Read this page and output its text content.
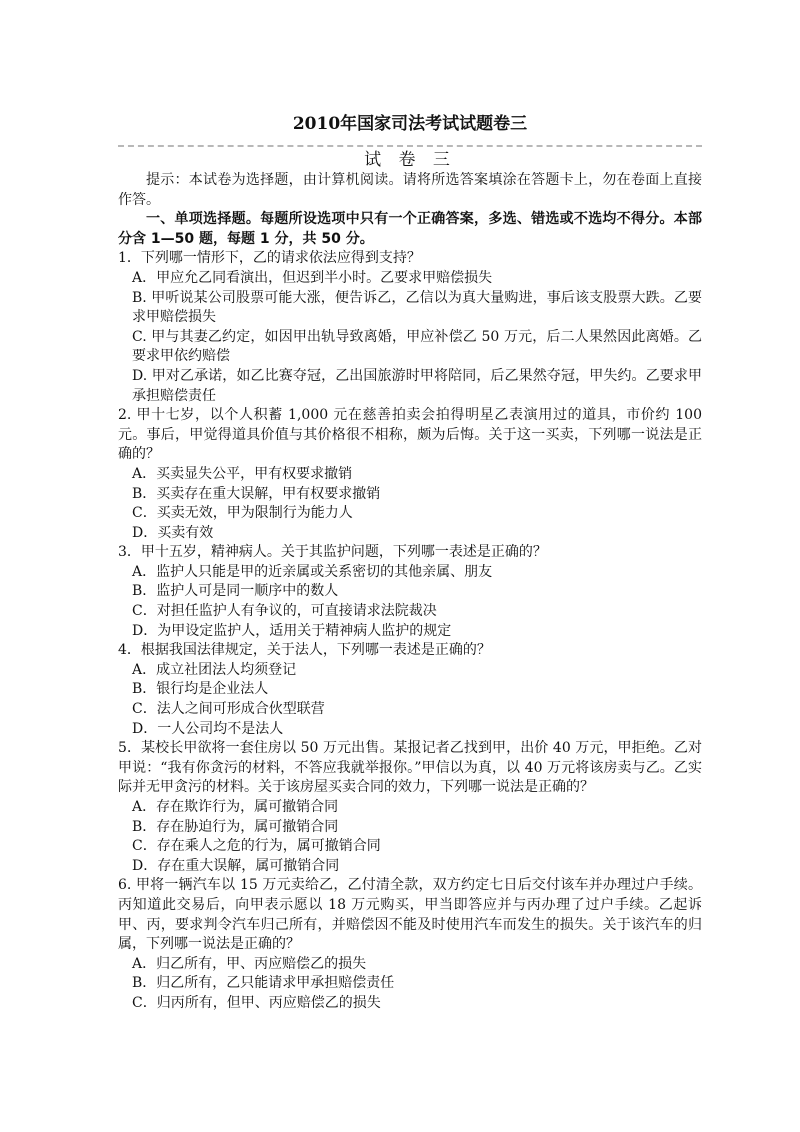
2010年国家司法考试试题卷三
试 卷 三

提示：本试卷为选择题，由计算机阅读。请将所选答案填涂在答题卡上，勿在卷面上直接作答。

一、单项选择题。每题所设选项中只有一个正确答案，多选、错选或不选均不得分。本部分含 1—50 题，每题 1 分，共 50 分。

1．下列哪一情形下，乙的请求依法应得到支持？

A．甲应允乙同看演出，但迟到半小时。乙要求甲赔偿损失

B. 甲听说某公司股票可能大涨，便告诉乙，乙信以为真大量购进，事后该支股票大跌。乙要求甲赔偿损失

C. 甲与其妻乙约定，如因甲出轨导致离婚，甲应补偿乙 50 万元，后二人果然因此离婚。乙要求甲依约赔偿

D. 甲对乙承诺，如乙比赛夺冠，乙出国旅游时甲将陪同，后乙果然夺冠，甲失约。乙要求甲承担赔偿责任

2. 甲十七岁，以个人积蓄 1,000 元在慈善拍卖会拍得明星乙表演用过的道具，市价约 100 元。事后，甲觉得道具价值与其价格很不相称，颇为后悔。关于这一买卖，下列哪一说法是正确的？

A．买卖显失公平，甲有权要求撤销

B．买卖存在重大误解，甲有权要求撤销

C．买卖无效，甲为限制行为能力人

D．买卖有效

3．甲十五岁，精神病人。关于其监护问题，下列哪一表述是正确的？

A．监护人只能是甲的近亲属或关系密切的其他亲属、朋友

B．监护人可是同一顺序中的数人

C．对担任监护人有争议的，可直接请求法院裁决

D．为甲设定监护人，适用关于精神病人监护的规定

4．根据我国法律规定，关于法人，下列哪一表述是正确的？

A．成立社团法人均须登记

B．银行均是企业法人

C．法人之间可形成合伙型联营

D．一人公司均不是法人

5．某校长甲欲将一套住房以 50 万元出售。某报记者乙找到甲，出价 40 万元，甲拒绝。乙对甲说：“我有你贪污的材料，不答应我就举报你。”甲信以为真，以 40 万元将该房卖与乙。乙实际并无甲贪污的材料。关于该房屋买卖合同的效力，下列哪一说法是正确的？

A．存在欺诈行为，属可撤销合同

B．存在胁迫行为，属可撤销合同

C．存在乘人之危的行为，属可撤销合同

D．存在重大误解，属可撤销合同

6. 甲将一辆汽车以 15 万元卖给乙，乙付清全款，双方约定七日后交付该车并办理过户手续。丙知道此交易后，向甲表示愿以 18 万元购买，甲当即答应并与丙办理了过户手续。乙起诉甲、丙，要求判令汽车归己所有，并赔偿因不能及时使用汽车而发生的损失。关于该汽车的归属，下列哪一说法是正确的？

A．归乙所有，甲、丙应赔偿乙的损失

B．归乙所有，乙只能请求甲承担赔偿责任

C．归丙所有，但甲、丙应赔偿乙的损失
